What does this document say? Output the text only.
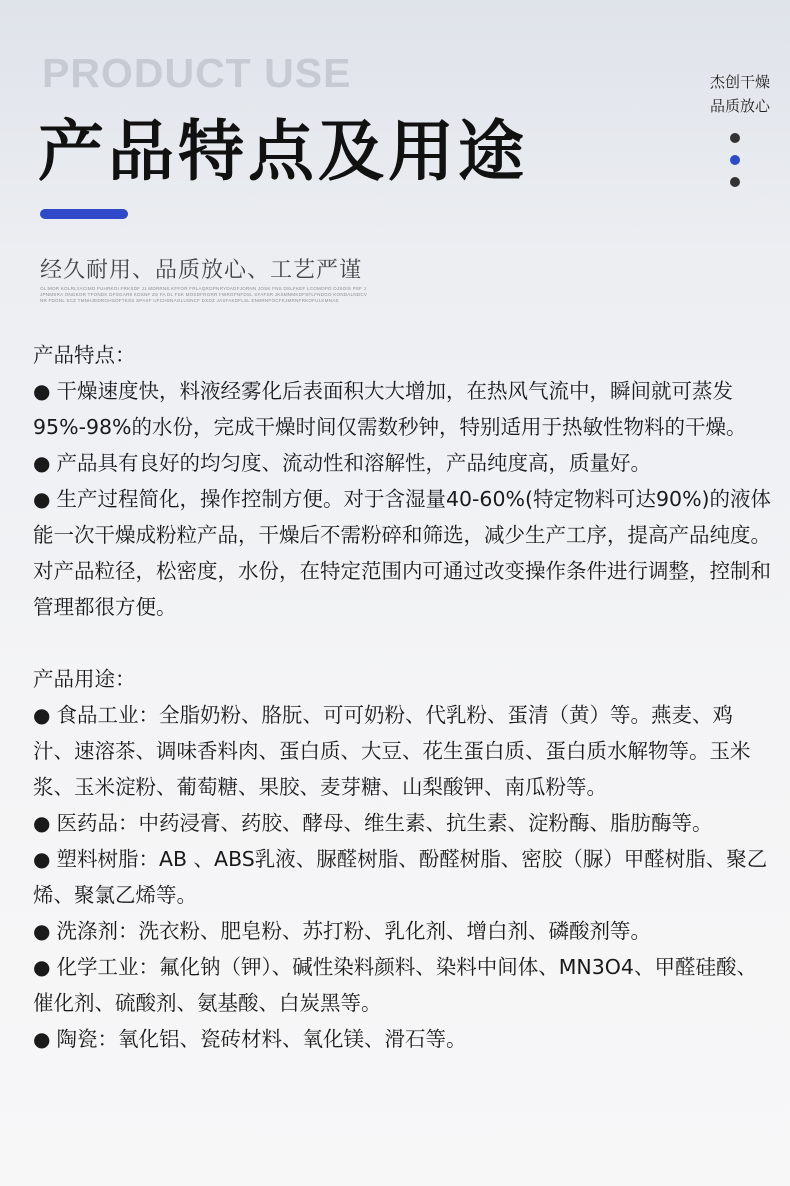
PRODUCT USE
产品特点及用途
杰创干燥
品质放心
经久耐用、品质放心、工艺严谨
OL:MOR KOLRLYACIMO FUHRKOI FRKSDF J1 MDRRNS KFFOR FRLAQROPNRYDADFJORNN JOSK FNS DSLFKEF LCOMOPD OJSOIS PSF J JPNMSRA ONGKOR TFONDK DFSGAR9 KOSNF ZS FA DL FSK MOSDFRGRR FWRGFNFDSL SFAFSR JKSMNMKDFSFLFNDGO KONDALNDCVNR FDGNL SCZ TMNHJEDROHSOFTKSS SPASF UFCHSNAGLUSNCF DXDZ JASFAKDFLSL ENBRNFOCFKJMRNFRKOFULKMNAS

产品特点：

● 干燥速度快，料液经雾化后表面积大大增加，在热风气流中，瞬间就可蒸发95%-98%的水份，完成干燥时间仅需数秒钟，特别适用于热敏性物料的干燥。

● 产品具有良好的均匀度、流动性和溶解性，产品纯度高，质量好。

● 生产过程简化，操作控制方便。对于含湿量40-60%(特定物料可达90%)的液体能一次干燥成粉粒产品，干燥后不需粉碎和筛选，减少生产工序，提高产品纯度。对产品粒径，松密度，水份，在特定范围内可通过改变操作条件进行调整，控制和管理都很方便。

产品用途：

● 食品工业：全脂奶粉、胳朊、可可奶粉、代乳粉、蛋清（黄）等。燕麦、鸡汁、速溶茶、调味香料肉、蛋白质、大豆、花生蛋白质、蛋白质水解物等。玉米浆、玉米淀粉、葡萄糖、果胶、麦芽糖、山梨酸钾、南瓜粉等。

● 医药品：中药浸膏、药胶、酵母、维生素、抗生素、淀粉酶、脂肪酶等。

● 塑料树脂：AB 、ABS乳液、脲醛树脂、酚醛树脂、密胶（脲）甲醛树脂、聚乙烯、聚氯乙烯等。

● 洗涤剂：洗衣粉、肥皂粉、苏打粉、乳化剂、增白剂、磷酸剂等。

● 化学工业：氟化钠（钾）、碱性染料颜料、染料中间体、MN3O4、甲醛硅酸、催化剂、硫酸剂、氨基酸、白炭黑等。

● 陶瓷：氧化铝、瓷砖材料、氧化镁、滑石等。
